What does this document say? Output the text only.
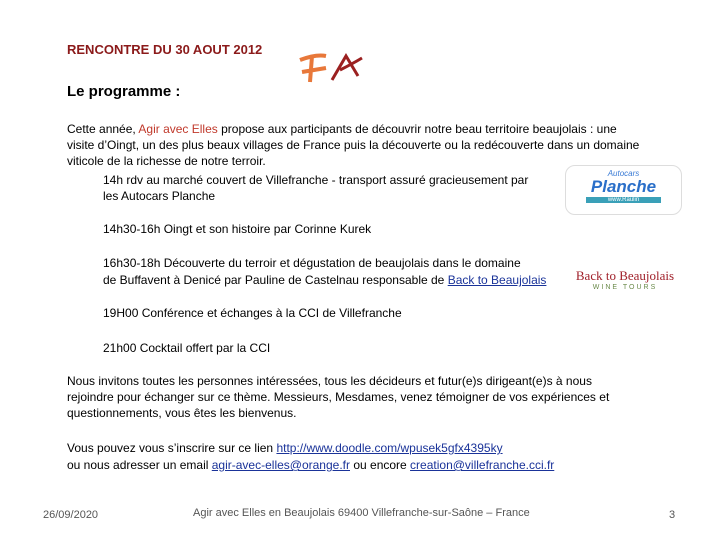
RENCONTRE DU 30 AOUT 2012
Le programme :
Cette année, Agir avec Elles propose aux participants de découvrir notre beau territoire beaujolais : une
visite d’Oingt, un des plus beaux villages de France puis la découverte ou la redécouverte dans un domaine
viticole de la richesse de notre terroir.
14h rdv au marché couvert de Villefranche - transport assuré gracieusement par
les Autocars Planche
Autocars
Planche
www.Raulin
14h30-16h Oingt et son histoire par Corinne Kurek
16h30-18h Découverte du terroir et dégustation de beaujolais dans le domaine
de Buffavent à Denicé par Pauline de Castelnau responsable de Back to Beaujolais Back to Beaujolais
WINE TOURS
19H00 Conférence et échanges à la CCI de Villefranche
21h00 Cocktail offert par la CCI
Nous invitons toutes les personnes intéressées, tous les décideurs et futur(e)s dirigeant(e)s à nous
rejoindre pour échanger sur ce thème. Messieurs, Mesdames, venez témoigner de vos expériences et
questionnements, vous êtes les bienvenus.
Vous pouvez vous s’inscrire sur ce lien http://www.doodle.com/wpusek5gfx4395ky
ou nous adresser un email agir-avec-elles@orange.fr ou encore creation@villefranche.cci.fr
26/09/2020	Agir avec Elles en Beaujolais 69400 Villefranche-sur-Saône – France	3
